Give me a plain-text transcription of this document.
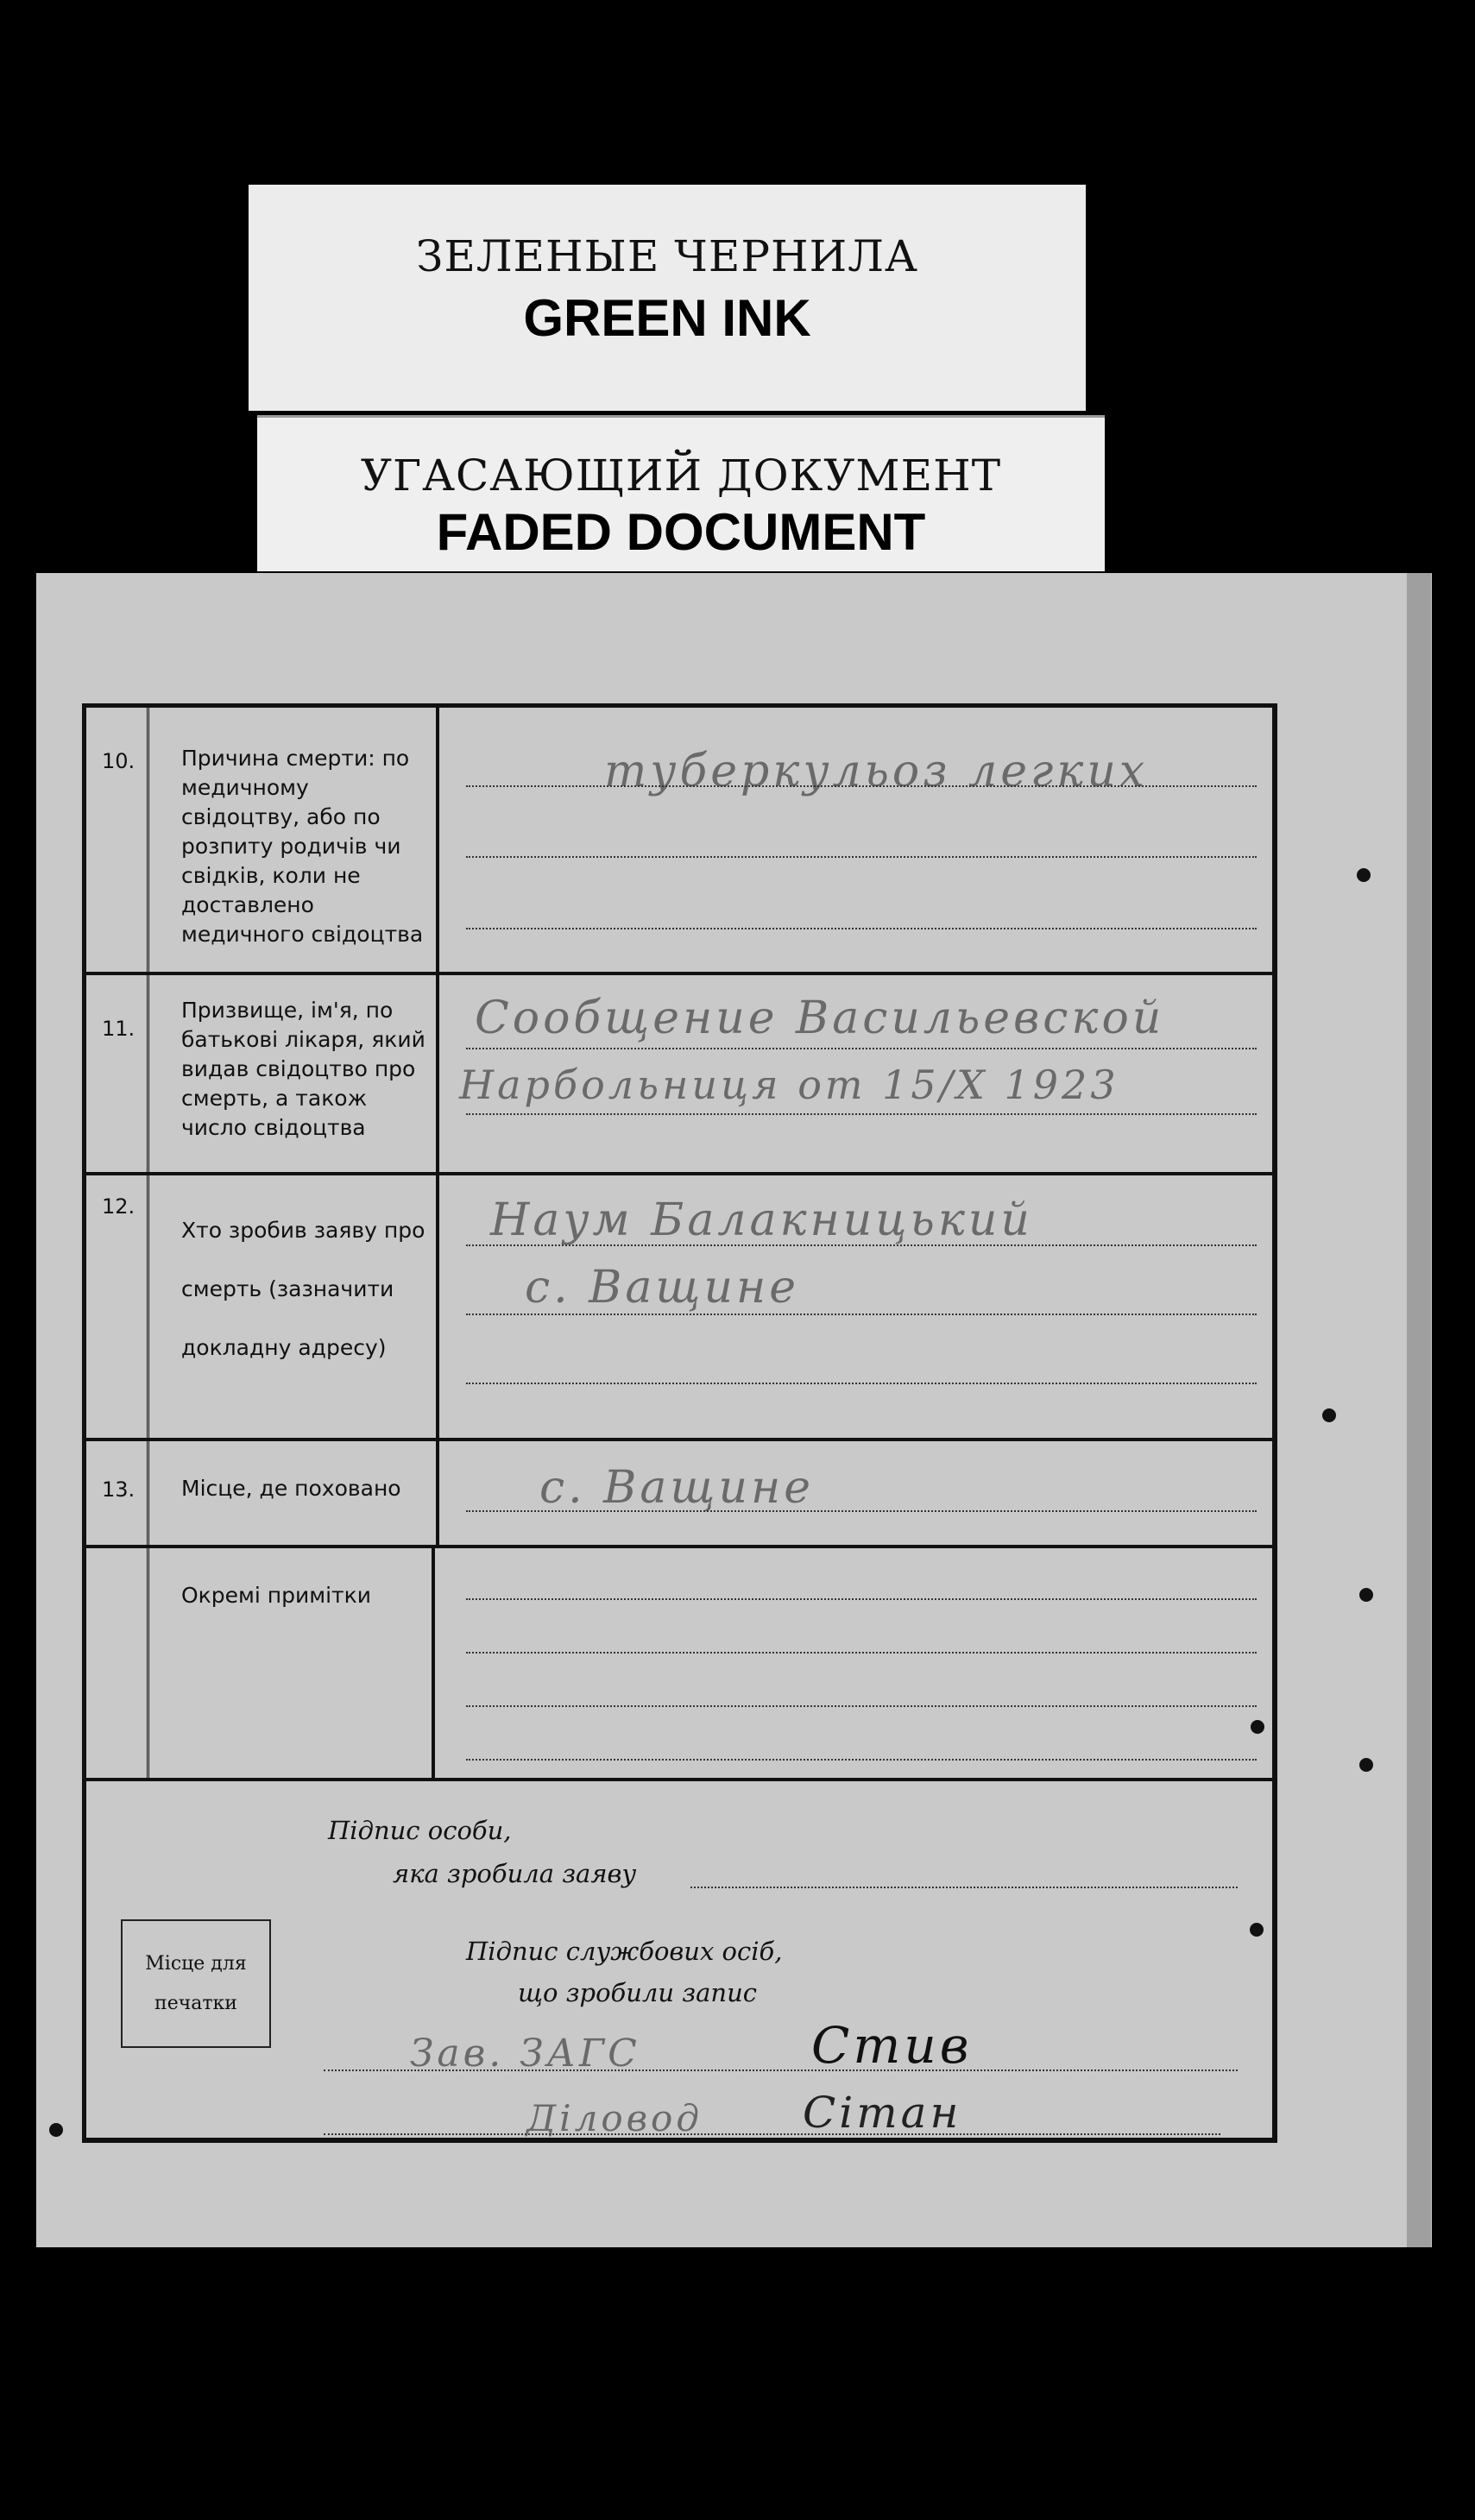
ЗЕЛЕНЫЕ ЧЕРНИЛА
GREEN INK
УГАСАЮЩИЙ ДОКУМЕНТ
FADED DOCUMENT
10. Причина смерти: по медичному свідоцтву, або по розпиту родичів чи свідків, коли не доставлено медичного свідоцтва
туберкульоз легких
11.
Призвище, ім'я, по батькові лікаря, який видав свідоцтво про смерть, а також число свідоцтва
Сообщение Васильевской
Нарбольниця от 15/X 1923
12.
Хто зробив заяву про смерть (зазначити докладну адресу)
Наум Балакницький
с. Ващине
13. Місце, де поховано	с. Ващине
Окремі примітки
Підпис особи,
яка зробила заяву
Підпис службових осіб,
що зробили запис
Місце для печатки
Зав. ЗАГС	Стив
Діловод Сітан
